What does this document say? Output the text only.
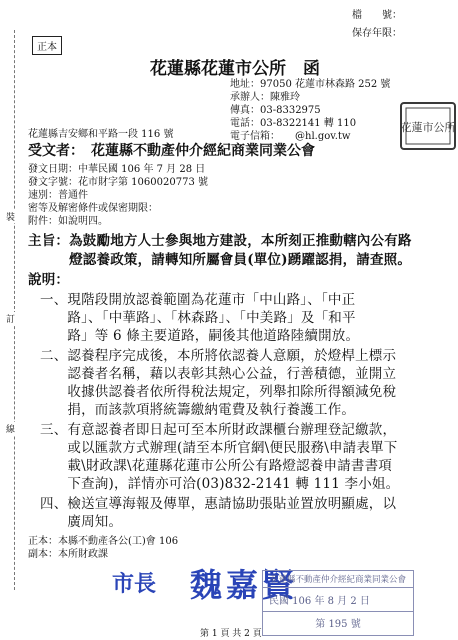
裝
訂
線
檔　　號：
保存年限：
正本
花蓮縣花蓮市公所　函
地址：97050 花蓮市林森路 252 號
承辦人：陳雅玲
傳真：03-8332975
電話：03-8322141 轉 110
電子信箱：　　@hl.gov.tw
花蓮市公所
花蓮縣吉安鄉和平路一段 116 號
受文者：　花蓮縣不動產仲介經紀商業同業公會
發文日期：中華民國 106 年 7 月 28 日
發文字號：花市財字第 1060020773 號
速別：普通件
密等及解密條件或保密期限：
附件：如說明四。
主旨：為鼓勵地方人士參與地方建設，本所刻正推動轄內公有路
　　　燈認養政策，請轉知所屬會員(單位)踴躍認捐，請查照。
說明：
一、現階段開放認養範圍為花蓮市「中山路」、「中正
　　路」、「中華路」、「林森路」、「中美路」及「和平
　　路」等 6 條主要道路，嗣後其他道路陸續開放。
二、認養程序完成後，本所將依認養人意願，於燈桿上標示
　　認養者名稱，藉以表彰其熱心公益，行善積德，並開立
　　收據供認養者依所得稅法規定，列舉扣除所得額減免稅
　　捐，而該款項將統籌繳納電費及執行養護工作。
三、有意認養者即日起可至本所財政課櫃台辦理登記繳款，
　　或以匯款方式辦理(請至本所官網\便民服務\申請表單下
　　載\財政課\花蓮縣花蓮市公所公有路燈認養申請書書項
　　下查詢)，詳情亦可洽(03)832-2141 轉 111 李小姐。
四、檢送宣導海報及傳單，惠請協助張貼並置放明顯處，以
　　廣周知。
正本：本縣不動產各公(工)會 106
副本：本所財政課
市長 魏嘉賢
花蓮縣不動產仲介經紀商業同業公會
民國 106 年 8 月 2 日
第 195 號
第 1 頁 共 2 頁
